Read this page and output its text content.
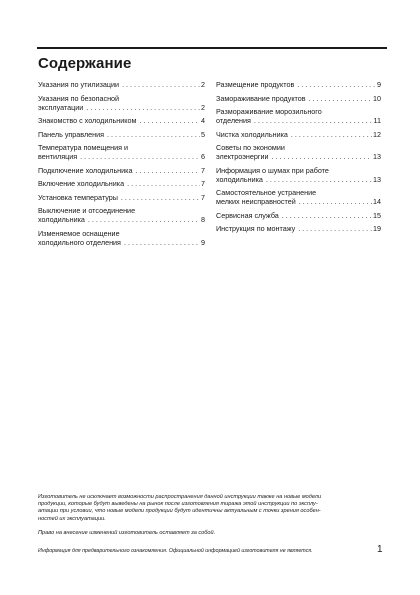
Содержание
Указания по утилизации . . .	2
Указания по безопасной
эксплуатации . . .	2
Знакомство с холодильником . . .	4
Панель управления . . .	5
Температура помещения и
вентиляция . . .	6
Подключение холодильника . . .	7
Включение холодильника . . .	7
Установка температуры . . .	7
Выключение и отсоединение
холодильника . . .	8
Изменяемое оснащение
холодильного отделения . . .	9
Размещение продуктов . . .	9
Замораживание продуктов . . .	10
Размораживание морозильного
отделения . . .	11
Чистка холодильника . . .	12
Советы по экономии
электроэнергии . . .	13
Информация о шумах при работе
холодильника . . .	13
Самостоятельное устранение
мелких неисправностей . . .	14
Сервисная служба . . .	15
Инструкция по монтажу . . .	19

Изготовитель не исключает возможности распространения данной инструкции также на новые модели

продукции, которые будут выведены на рынок после изготовления тиража этой инструкции по эксплу-

атации при условии, что новые модели продукции будут идентичны актуальным с точки зрения особен-

ностей их эксплуатации.

Право на внесение изменений изготовитель оставляет за собой.
Информация для предварительного ознакомления. Официальной информацией изготовителя не является.	1
